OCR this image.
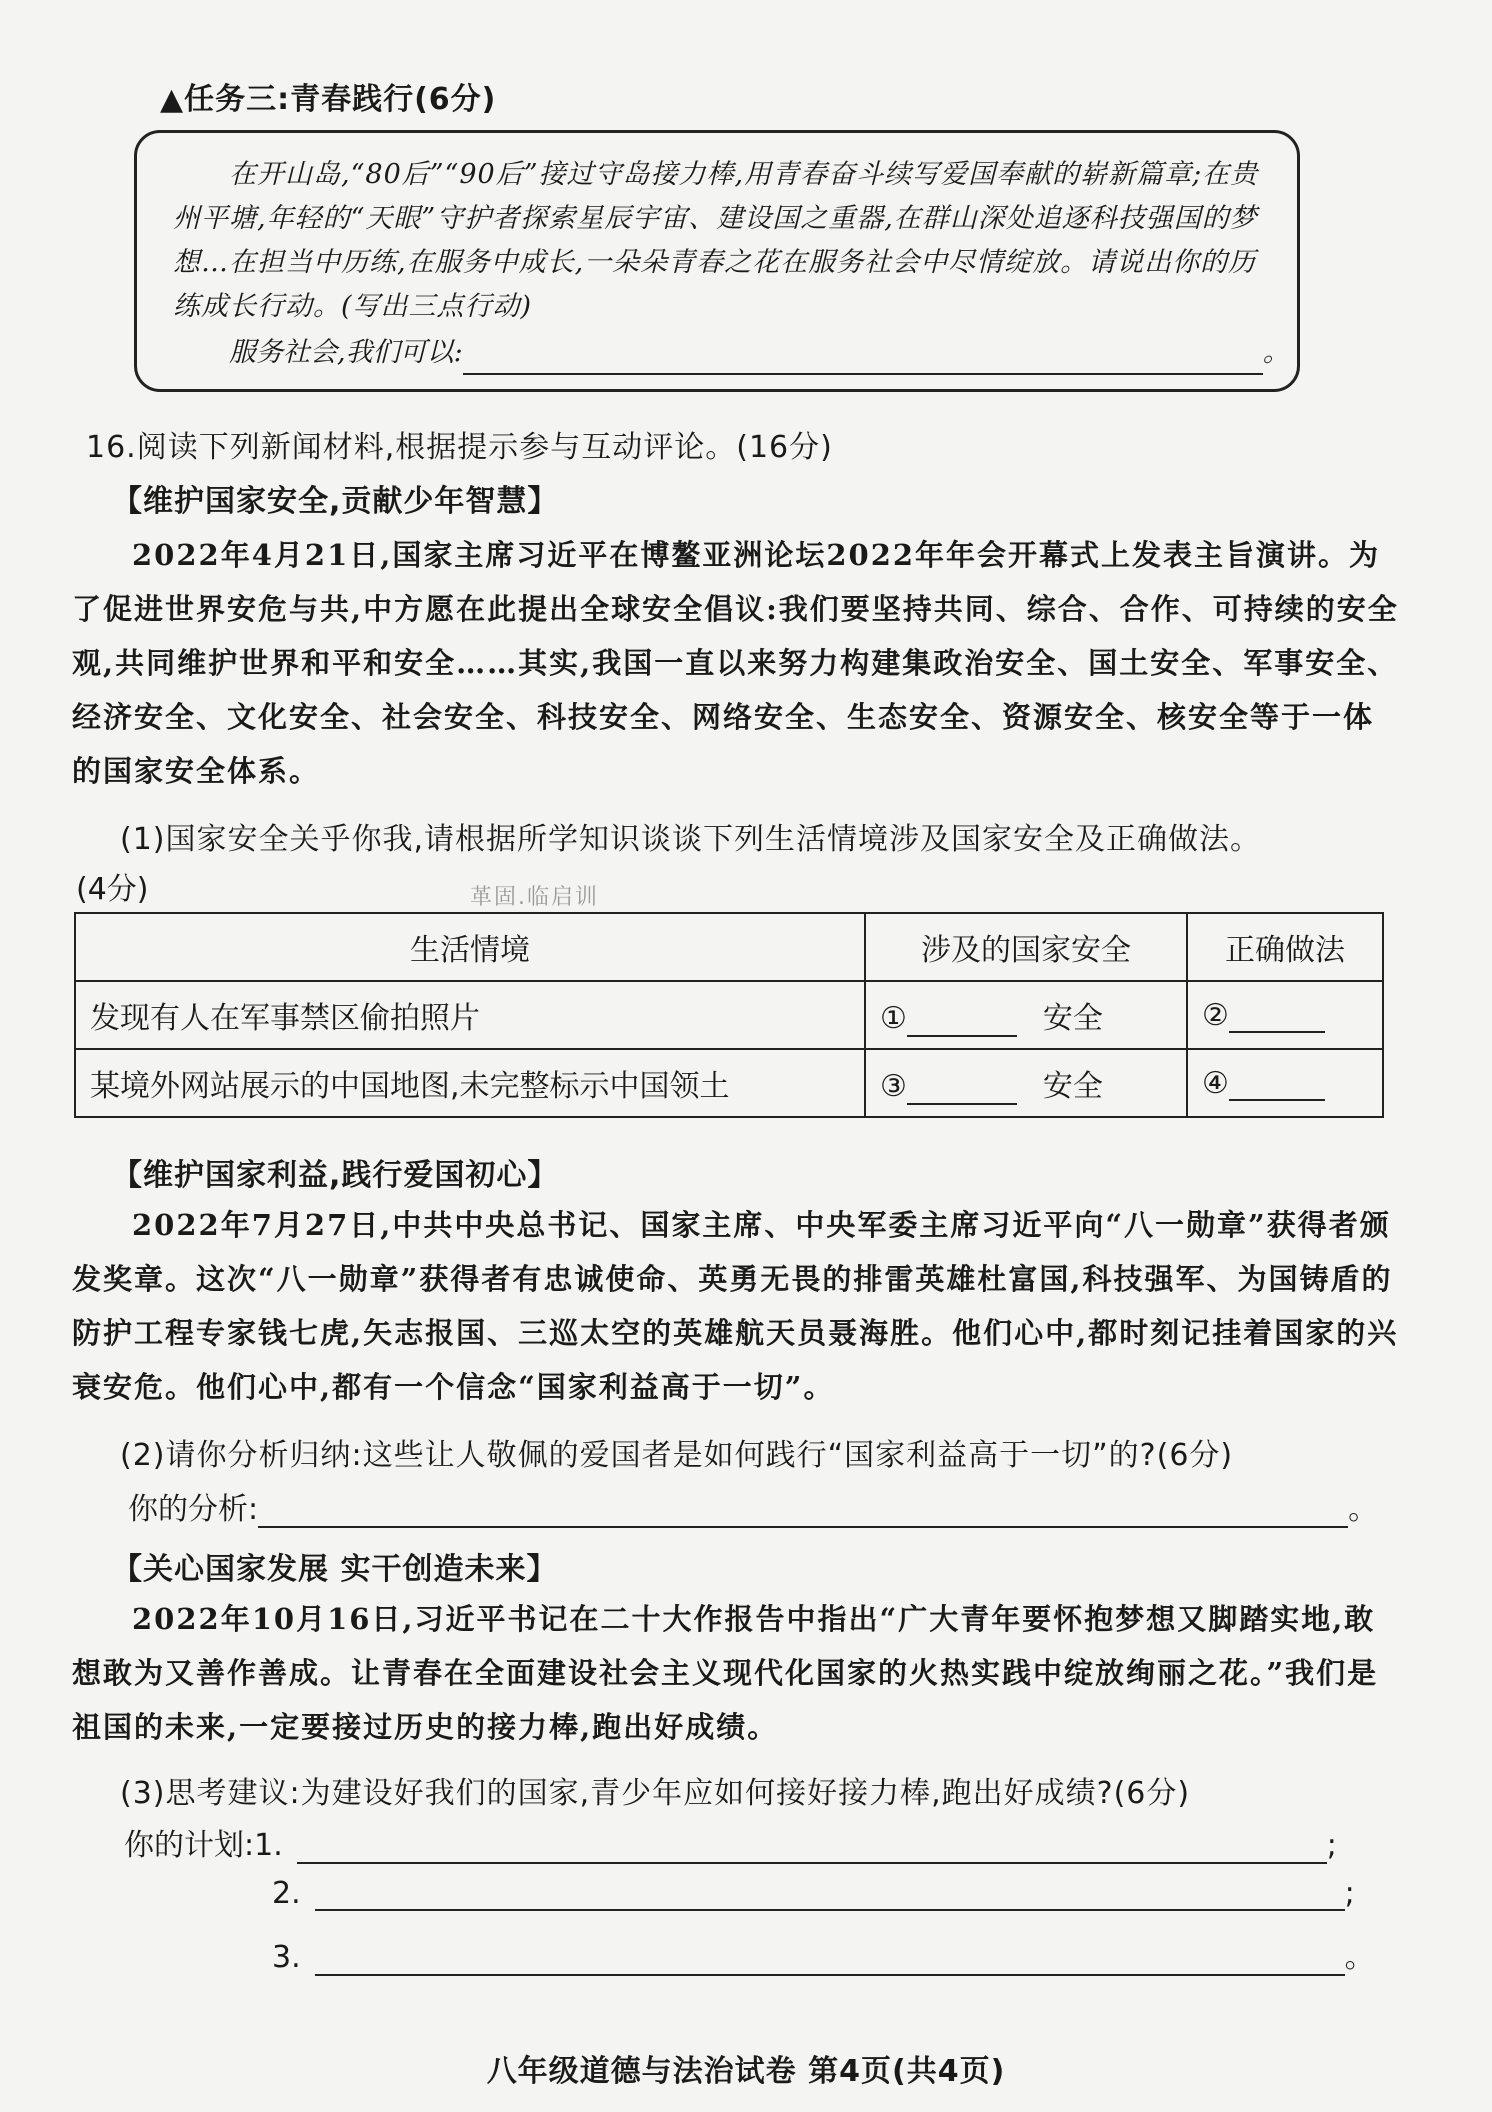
▲任务三:青春践行(6分)
在开山岛,“80后”“90后”接过守岛接力棒,用青春奋斗续写爱国奉献的崭新篇章;在贵州平塘,年轻的“天眼”守护者探索星辰宇宙、建设国之重器,在群山深处追逐科技强国的梦想…在担当中历练,在服务中成长,一朵朵青春之花在服务社会中尽情绽放。请说出你的历练成长行动。(写出三点行动)
服务社会,我们可以:	。
16.阅读下列新闻材料,根据提示参与互动评论。(16分)
【维护国家安全,贡献少年智慧】
2022年4月21日,国家主席习近平在博鳌亚洲论坛2022年年会开幕式上发表主旨演讲。为了促进世界安危与共,中方愿在此提出全球安全倡议:我们要坚持共同、综合、合作、可持续的安全观,共同维护世界和平和安全……其实,我国一直以来努力构建集政治安全、国土安全、军事安全、经济安全、文化安全、社会安全、科技安全、网络安全、生态安全、资源安全、核安全等于一体的国家安全体系。
(1)国家安全关乎你我,请根据所学知识谈谈下列生活情境涉及国家安全及正确做法。
(4分)	革固.临启训
生活情境	涉及的国家安全	正确做法
发现有人在军事禁区偷拍照片	① 安全	②
某境外网站展示的中国地图,未完整标示中国领土	③ 安全	④
【维护国家利益,践行爱国初心】
2022年7月27日,中共中央总书记、国家主席、中央军委主席习近平向“八一勋章”获得者颁发奖章。这次“八一勋章”获得者有忠诚使命、英勇无畏的排雷英雄杜富国,科技强军、为国铸盾的防护工程专家钱七虎,矢志报国、三巡太空的英雄航天员聂海胜。他们心中,都时刻记挂着国家的兴衰安危。他们心中,都有一个信念“国家利益高于一切”。
(2)请你分析归纳:这些让人敬佩的爱国者是如何践行“国家利益高于一切”的?(6分)
你的分析:	。
【关心国家发展 实干创造未来】
2022年10月16日,习近平书记在二十大作报告中指出“广大青年要怀抱梦想又脚踏实地,敢想敢为又善作善成。让青春在全面建设社会主义现代化国家的火热实践中绽放绚丽之花。”我们是祖国的未来,一定要接过历史的接力棒,跑出好成绩。
(3)思考建议:为建设好我们的国家,青少年应如何接好接力棒,跑出好成绩?(6分)
你的计划:1.	;
2.	;
3.	。
八年级道德与法治试卷 第4页(共4页)
